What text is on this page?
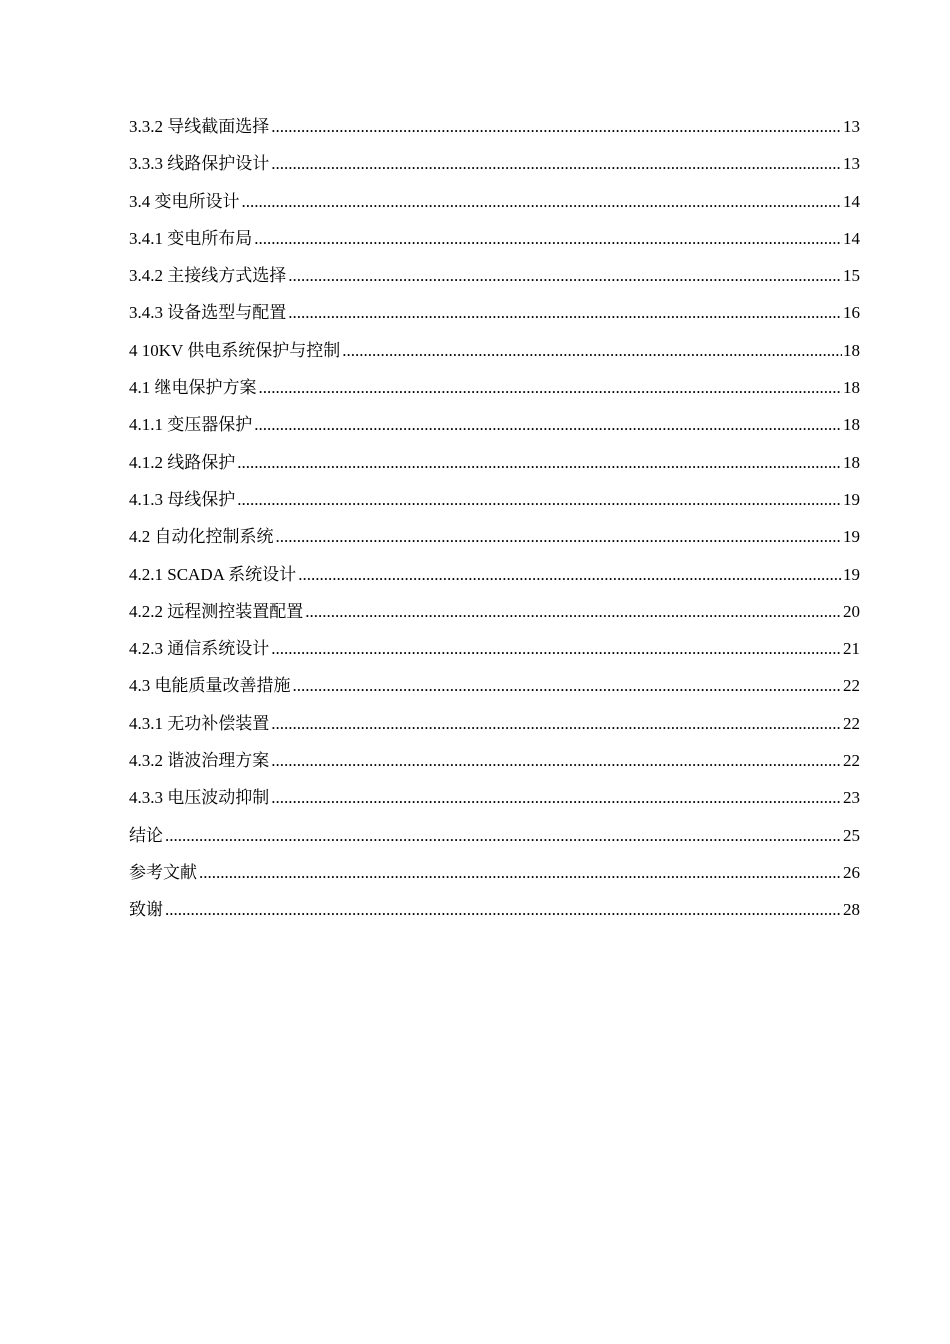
3.3.2 导线截面选择 .....	13
3.3.3 线路保护设计 .....	13
3.4 变电所设计 .....	14
3.4.1 变电所布局 .....	14
3.4.2 主接线方式选择 .....	15
3.4.3 设备选型与配置 .....	16
4 10KV 供电系统保护与控制 .....	18
4.1 继电保护方案 .....	18
4.1.1 变压器保护 .....	18
4.1.2 线路保护 .....	18
4.1.3 母线保护 .....	19
4.2 自动化控制系统 .....	19
4.2.1 SCADA 系统设计 .....	19
4.2.2 远程测控装置配置 .....	20
4.2.3 通信系统设计 .....	21
4.3 电能质量改善措施 .....	22
4.3.1 无功补偿装置 .....	22
4.3.2 谐波治理方案 .....	22
4.3.3 电压波动抑制 .....	23
结论 .....	25
参考文献 .....	26
致谢 .....	28
